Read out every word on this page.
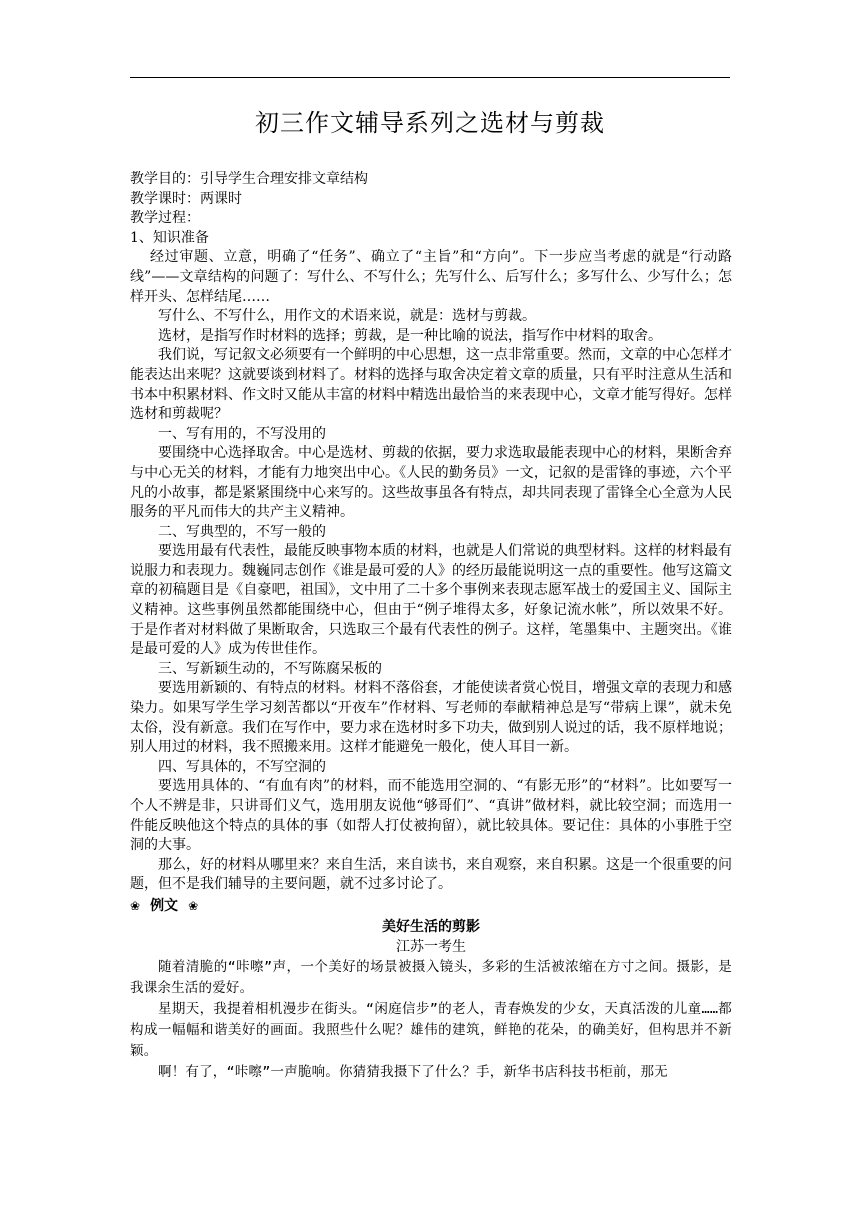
初三作文辅导系列之选材与剪裁

教学目的：引导学生合理安排文章结构

教学课时：两课时

教学过程：

1、知识准备

经过审题、立意，明确了“任务”、确立了“主旨”和“方向”。下一步应当考虑的就是“行动路线”——文章结构的问题了：写什么、不写什么；先写什么、后写什么；多写什么、少写什么；怎样开头、怎样结尾……

写什么、不写什么，用作文的术语来说，就是：选材与剪裁。

选材，是指写作时材料的选择；剪裁，是一种比喻的说法，指写作中材料的取舍。

我们说，写记叙文必须要有一个鲜明的中心思想，这一点非常重要。然而，文章的中心怎样才能表达出来呢？这就要谈到材料了。材料的选择与取舍决定着文章的质量，只有平时注意从生活和书本中积累材料、作文时又能从丰富的材料中精选出最恰当的来表现中心，文章才能写得好。怎样选材和剪裁呢？

一、写有用的，不写没用的

要围绕中心选择取舍。中心是选材、剪裁的依据，要力求选取最能表现中心的材料，果断舍弃与中心无关的材料，才能有力地突出中心。《人民的勤务员》一文，记叙的是雷锋的事迹，六个平凡的小故事，都是紧紧围绕中心来写的。这些故事虽各有特点，却共同表现了雷锋全心全意为人民服务的平凡而伟大的共产主义精神。

二、写典型的，不写一般的

要选用最有代表性，最能反映事物本质的材料，也就是人们常说的典型材料。这样的材料最有说服力和表现力。魏巍同志创作《谁是最可爱的人》的经历最能说明这一点的重要性。他写这篇文章的初稿题目是《自豪吧，祖国》，文中用了二十多个事例来表现志愿军战士的爱国主义、国际主义精神。这些事例虽然都能围绕中心，但由于“例子堆得太多，好象记流水帐”，所以效果不好。于是作者对材料做了果断取舍，只选取三个最有代表性的例子。这样，笔墨集中、主题突出。《谁是最可爱的人》成为传世佳作。

三、写新颖生动的，不写陈腐呆板的

要选用新颖的、有特点的材料。材料不落俗套，才能使读者赏心悦目，增强文章的表现力和感染力。如果写学生学习刻苦都以“开夜车”作材料、写老师的奉献精神总是写“带病上课”，就未免太俗，没有新意。我们在写作中，要力求在选材时多下功夫，做到别人说过的话，我不原样地说；别人用过的材料，我不照搬来用。这样才能避免一般化，使人耳目一新。

四、写具体的，不写空洞的

要选用具体的、“有血有肉”的材料，而不能选用空洞的、“有影无形”的“材料”。比如要写一个人不辨是非，只讲哥们义气，选用朋友说他“够哥们”、“真讲”做材料，就比较空洞；而选用一件能反映他这个特点的具体的事（如帮人打仗被拘留），就比较具体。要记住：具体的小事胜于空洞的大事。

那么，好的材料从哪里来？来自生活，来自读书，来自观察，来自积累。这是一个很重要的问题，但不是我们辅导的主要问题，就不过多讨论了。

❀ 例文 ❀

美好生活的剪影

江苏一考生

随着清脆的“咔嚓”声，一个美好的场景被摄入镜头，多彩的生活被浓缩在方寸之间。摄影，是我课余生活的爱好。

星期天，我提着相机漫步在街头。“闲庭信步”的老人，青春焕发的少女，天真活泼的儿童……都构成一幅幅和谐美好的画面。我照些什么呢？雄伟的建筑，鲜艳的花朵，的确美好，但构思并不新颖。

啊！有了，“咔嚓”一声脆响。你猜猜我摄下了什么？手，新华书店科技书柜前，那无
